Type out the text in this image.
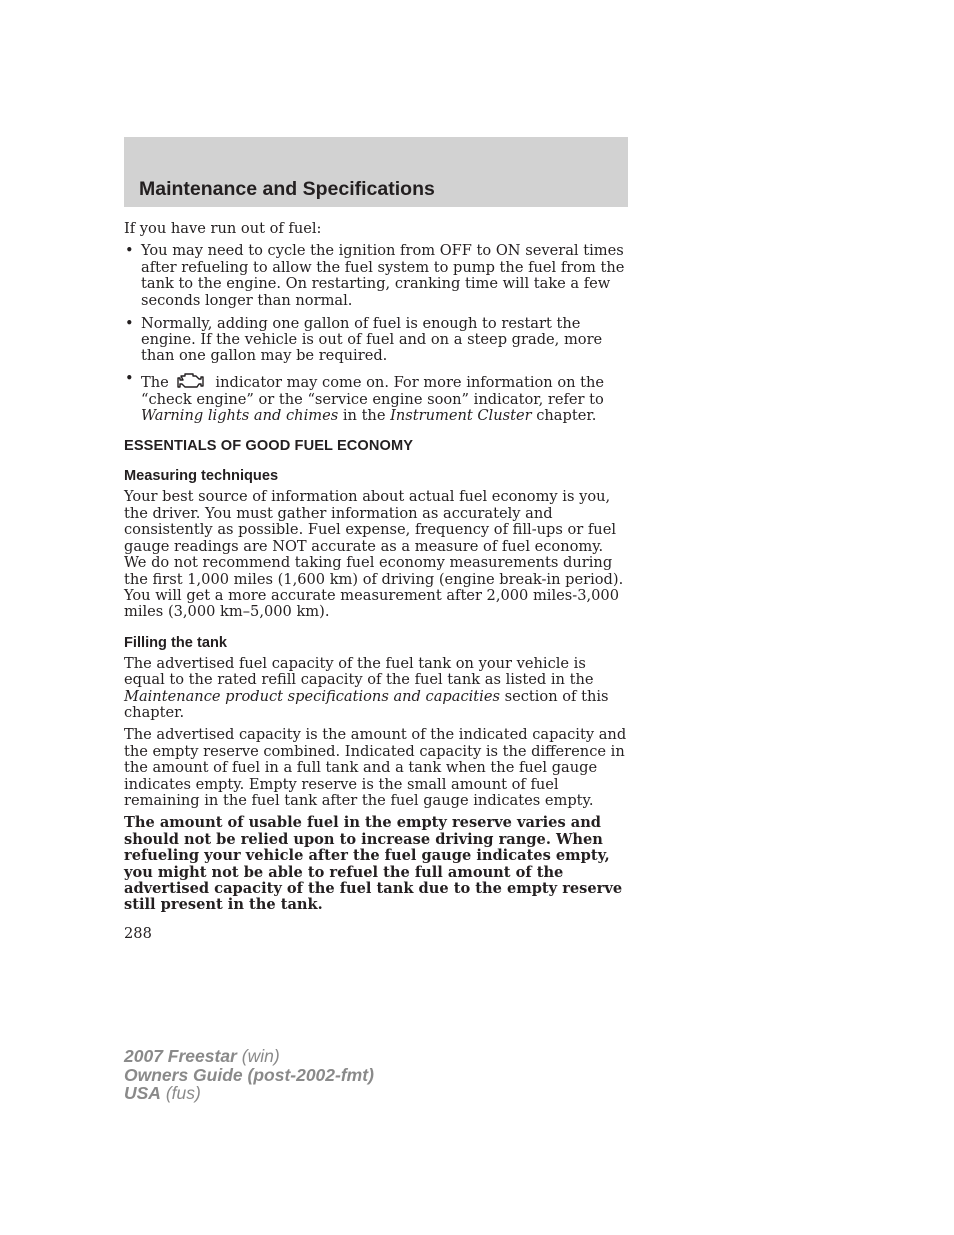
Maintenance and Specifications

If you have run out of fuel:

• You may need to cycle the ignition from OFF to ON several times after refueling to allow the fuel system to pump the fuel from the tank to the engine. On restarting, cranking time will take a few seconds longer than normal.
• Normally, adding one gallon of fuel is enough to restart the engine. If the vehicle is out of fuel and on a steep grade, more than one gallon may be required.
• The	indicator may come on. For more information on the “check engine” or the “service engine soon” indicator, refer to Warning lights and chimes in the Instrument Cluster chapter.
ESSENTIALS OF GOOD FUEL ECONOMY
Measuring techniques

Your best source of information about actual fuel economy is you, the driver. You must gather information as accurately and consistently as possible. Fuel expense, frequency of fill-ups or fuel gauge readings are NOT accurate as a measure of fuel economy. We do not recommend taking fuel economy measurements during the first 1,000 miles (1,600 km) of driving (engine break-in period). You will get a more accurate measurement after 2,000 miles-3,000 miles (3,000 km–5,000 km).

Filling the tank

The advertised fuel capacity of the fuel tank on your vehicle is equal to the rated refill capacity of the fuel tank as listed in the Maintenance product specifications and capacities section of this chapter.

The advertised capacity is the amount of the indicated capacity and the empty reserve combined. Indicated capacity is the difference in the amount of fuel in a full tank and a tank when the fuel gauge indicates empty. Empty reserve is the small amount of fuel remaining in the fuel tank after the fuel gauge indicates empty.

The amount of usable fuel in the empty reserve varies and should not be relied upon to increase driving range. When refueling your vehicle after the fuel gauge indicates empty, you might not be able to refuel the full amount of the advertised capacity of the fuel tank due to the empty reserve still present in the tank.

288

2007 Freestar (win)
Owners Guide (post-2002-fmt)
USA (fus)
